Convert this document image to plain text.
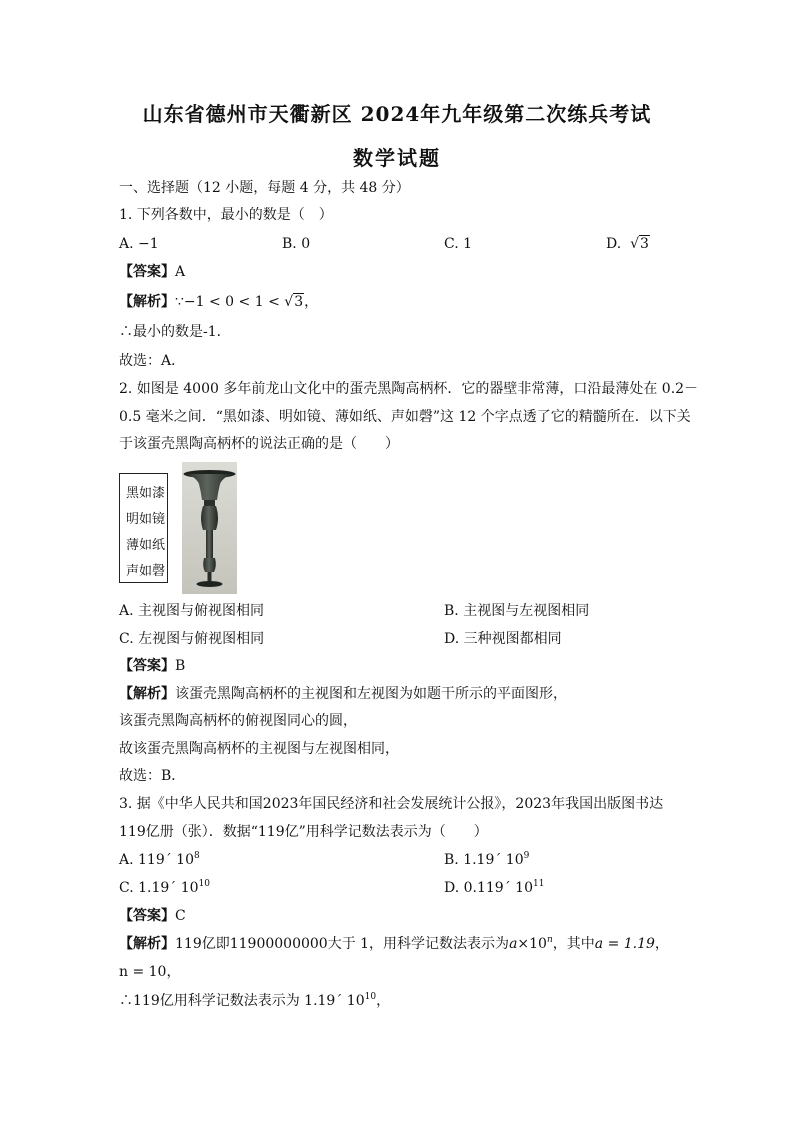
山东省德州市天衢新区 2024年九年级第二次练兵考试
数学试题
一、选择题（12 小题，每题 4 分，共 48 分）
1. 下列各数中，最小的数是（　）
A. −1	B. 0	C. 1	D.  √3
【答案】A
【解析】∵−1 < 0 < 1 < √3，
∴最小的数是-1．
故选：A．
2. 如图是 4000 多年前龙山文化中的蛋壳黑陶高柄杯．它的器壁非常薄，口沿最薄处在 0.2－
0.5 毫米之间．“黑如漆、明如镜、薄如纸、声如磬”这 12 个字点透了它的精髓所在．以下关
于该蛋壳黑陶高柄杯的说法正确的是（　　）
黑如漆
明如镜
薄如纸
声如磬
A. 主视图与俯视图相同	B. 主视图与左视图相同
C. 左视图与俯视图相同	D. 三种视图都相同
【答案】B
【解析】该蛋壳黑陶高柄杯的主视图和左视图为如题干所示的平面图形，
该蛋壳黑陶高柄杯的俯视图同心的圆，
故该蛋壳黑陶高柄杯的主视图与左视图相同，
故选：B．
3. 据《中华人民共和国2023年国民经济和社会发展统计公报》，2023年我国出版图书达
119亿册（张）．数据“119亿”用科学记数法表示为（　　）
A. 119´ $10^8$	B. 1.19´ $10^9$
C. 1.19´ $10^{10}$	D. 0.119´ $10^{11}$
【答案】C
【解析】119亿即11900000000大于 1，用科学记数法表示为$a\times 10^n$，其中a = 1.19，
n = 10，
∴119亿用科学记数法表示为 1.19´ $10^{10}$，
